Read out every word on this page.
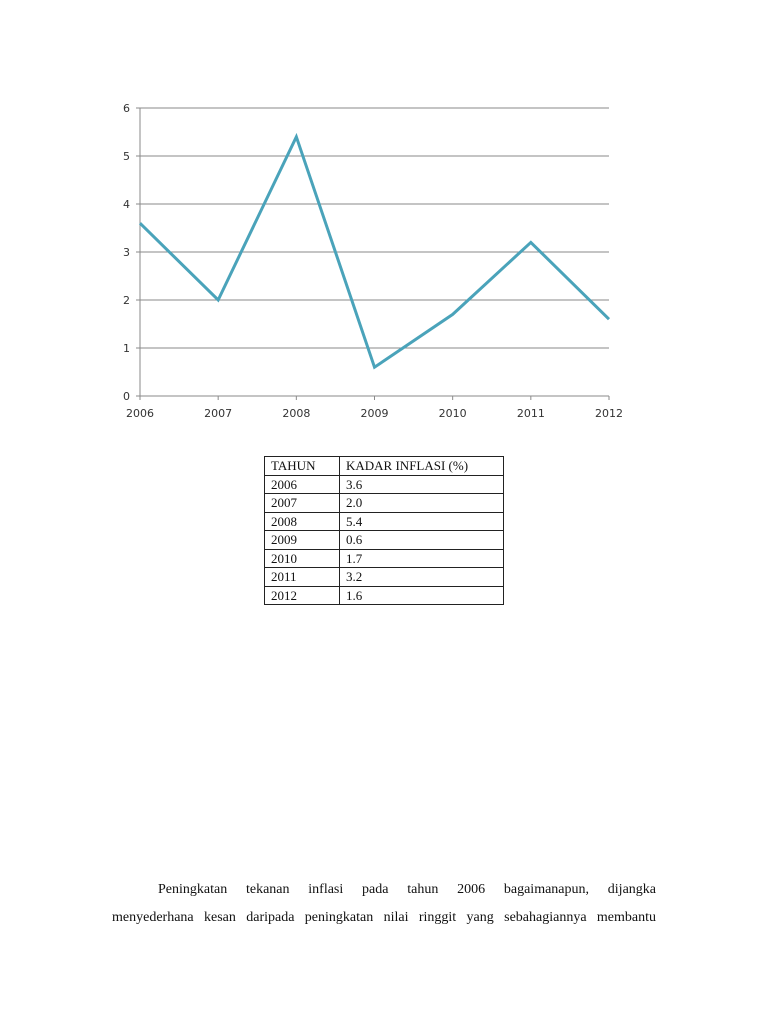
0
1
2
3
4
5
6
2006	2007	2008	2009	2010	2011	2012
TAHUN	KADAR INFLASI (%)
2006	3.6
2007	2.0
2008	5.4
2009	0.6
2010	1.7
2011	3.2
2012	1.6

Peningkatan tekanan inflasi pada tahun 2006 bagaimanapun, dijangka

menyederhana kesan daripada peningkatan nilai ringgit yang sebahagiannya membantu
